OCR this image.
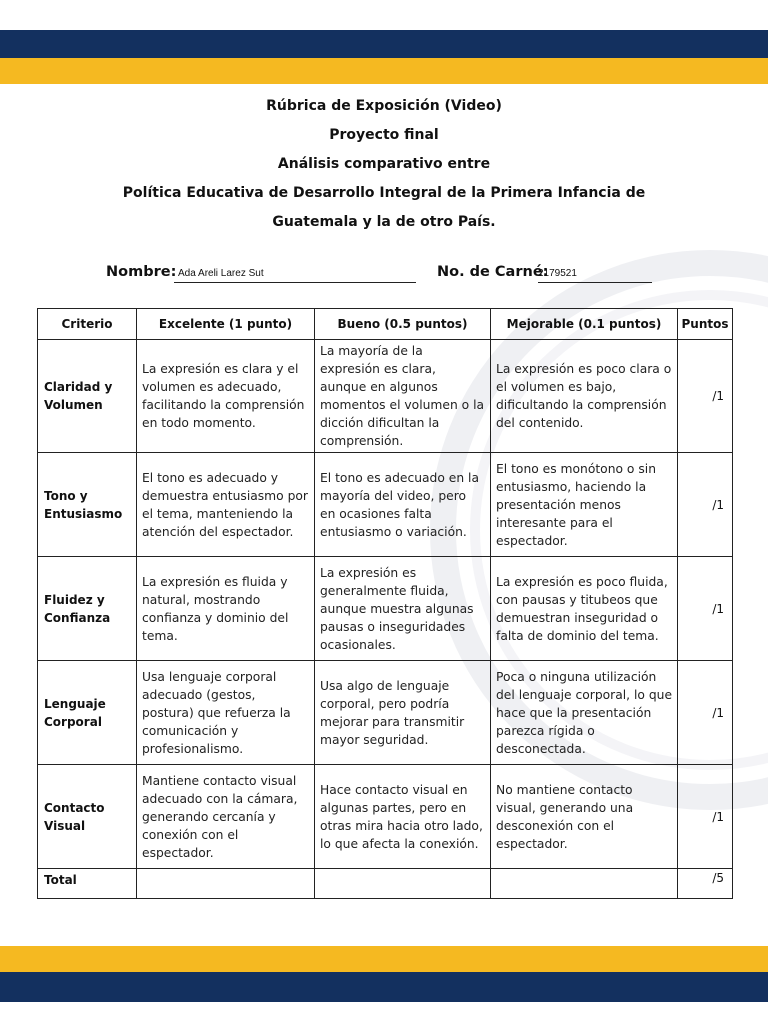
Rúbrica de Exposición (Video)
Proyecto final
Análisis comparativo entre
Política Educativa de Desarrollo Integral de la Primera Infancia de
Guatemala y la de otro País.
Nombre: Ada Areli Larez Sut	No. de Carné:
2179521
Criterio	Excelente (1 punto)	Bueno (0.5 puntos)	Mejorable (0.1 puntos)	Puntos
Claridad y Volumen	La expresión es clara y el volumen es adecuado, facilitando la comprensión en todo momento.	La mayoría de la expresión es clara, aunque en algunos momentos el volumen o la dicción dificultan la comprensión.	La expresión es poco clara o el volumen es bajo, dificultando la comprensión del contenido.	/1
Tono y Entusiasmo	El tono es adecuado y demuestra entusiasmo por el tema, manteniendo la atención del espectador.	El tono es adecuado en la mayoría del video, pero en ocasiones falta entusiasmo o variación.	El tono es monótono o sin entusiasmo, haciendo la presentación menos interesante para el espectador.	/1
Fluidez y Confianza	La expresión es fluida y natural, mostrando confianza y dominio del tema.	La expresión es generalmente fluida, aunque muestra algunas pausas o inseguridades ocasionales.	La expresión es poco fluida, con pausas y titubeos que demuestran inseguridad o falta de dominio del tema.	/1
Lenguaje Corporal	Usa lenguaje corporal adecuado (gestos, postura) que refuerza la comunicación y profesionalismo.	Usa algo de lenguaje corporal, pero podría mejorar para transmitir mayor seguridad.	Poca o ninguna utilización del lenguaje corporal, lo que hace que la presentación parezca rígida o desconectada.	/1
Contacto Visual	Mantiene contacto visual adecuado con la cámara, generando cercanía y conexión con el espectador.	Hace contacto visual en algunas partes, pero en otras mira hacia otro lado, lo que afecta la conexión.	No mantiene contacto visual, generando una desconexión con el espectador.	/1
Total				/5
